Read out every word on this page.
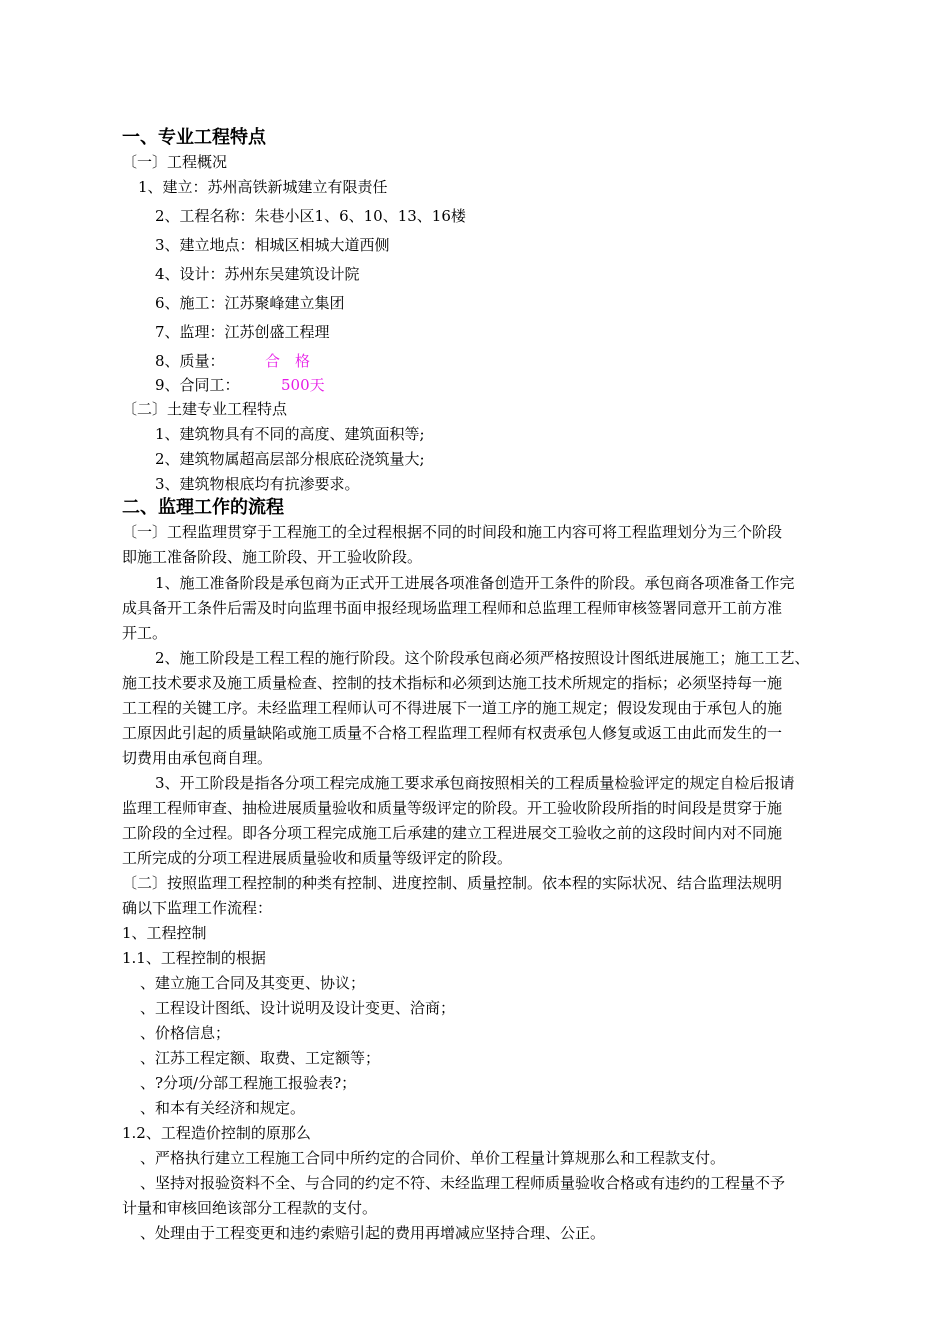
一、专业工程特点
〔一〕工程概况
1、建立：苏州高铁新城建立有限责任
2、工程名称：朱巷小区1、6、10、13、16楼
3、建立地点：相城区相城大道西侧
4、设计：苏州东吴建筑设计院
6、施工：江苏聚峰建立集团
7、监理：江苏创盛工程理
8、质量：	合　格
9、合同工：	500天
〔二〕土建专业工程特点
1、建筑物具有不同的高度、建筑面积等;
2、建筑物属超高层部分根底砼浇筑量大;
3、建筑物根底均有抗渗要求。
二、监理工作的流程
〔一〕工程监理贯穿于工程施工的全过程根据不同的时间段和施工内容可将工程监理划分为三个阶段
即施工准备阶段、施工阶段、开工验收阶段。
1、施工准备阶段是承包商为正式开工进展各项准备创造开工条件的阶段。承包商各项准备工作完
成具备开工条件后需及时向监理书面申报经现场监理工程师和总监理工程师审核签署同意开工前方准
开工。
2、施工阶段是工程工程的施行阶段。这个阶段承包商必须严格按照设计图纸进展施工；施工工艺、
施工技术要求及施工质量检查、控制的技术指标和必须到达施工技术所规定的指标；必须坚持每一施
工工程的关键工序。未经监理工程师认可不得进展下一道工序的施工规定；假设发现由于承包人的施
工原因此引起的质量缺陷或施工质量不合格工程监理工程师有权责承包人修复或返工由此而发生的一
切费用由承包商自理。
3、开工阶段是指各分项工程完成施工要求承包商按照相关的工程质量检验评定的规定自检后报请
监理工程师审查、抽检进展质量验收和质量等级评定的阶段。开工验收阶段所指的时间段是贯穿于施
工阶段的全过程。即各分项工程完成施工后承建的建立工程进展交工验收之前的这段时间内对不同施
工所完成的分项工程进展质量验收和质量等级评定的阶段。
〔二〕按照监理工程控制的种类有控制、进度控制、质量控制。依本程的实际状况、结合监理法规明
确以下监理工作流程：
1、工程控制
1.1、工程控制的根据
、建立施工合同及其变更、协议；
、工程设计图纸、设计说明及设计变更、洽商；
、价格信息；
、江苏工程定额、取费、工定额等；
、?分项/分部工程施工报验表?；
、和本有关经济和规定。
1.2、工程造价控制的原那么
、严格执行建立工程施工合同中所约定的合同价、单价工程量计算规那么和工程款支付。
、坚持对报验资料不全、与合同的约定不符、未经监理工程师质量验收合格或有违约的工程量不予
计量和审核回绝该部分工程款的支付。
、处理由于工程变更和违约索赔引起的费用再增减应坚持合理、公正。
